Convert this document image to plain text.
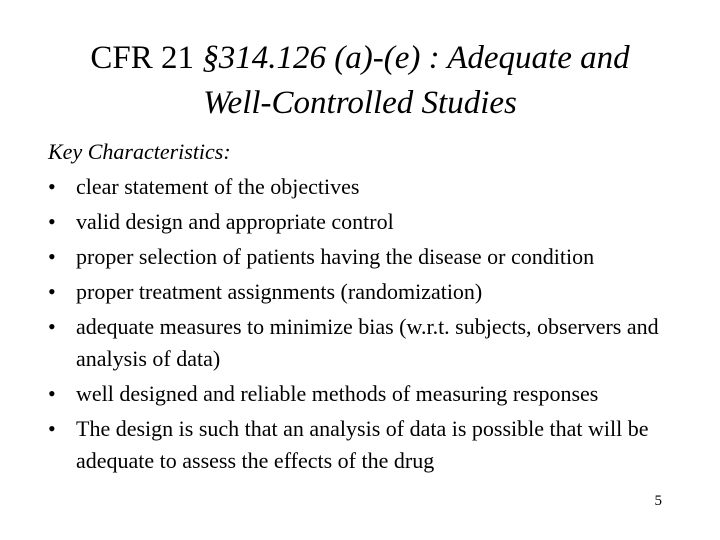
CFR 21 §314.126 (a)-(e) : Adequate and
Well-Controlled Studies
Key Characteristics:
• clear statement of the objectives
• valid design and appropriate control
• proper selection of patients having the disease or condition
• proper treatment assignments (randomization)
• adequate measures to minimize bias (w.r.t. subjects, observers and analysis of data)
• well designed and reliable methods of measuring responses
• The design is such that an analysis of data is possible that will be adequate to assess the effects of the drug
5
